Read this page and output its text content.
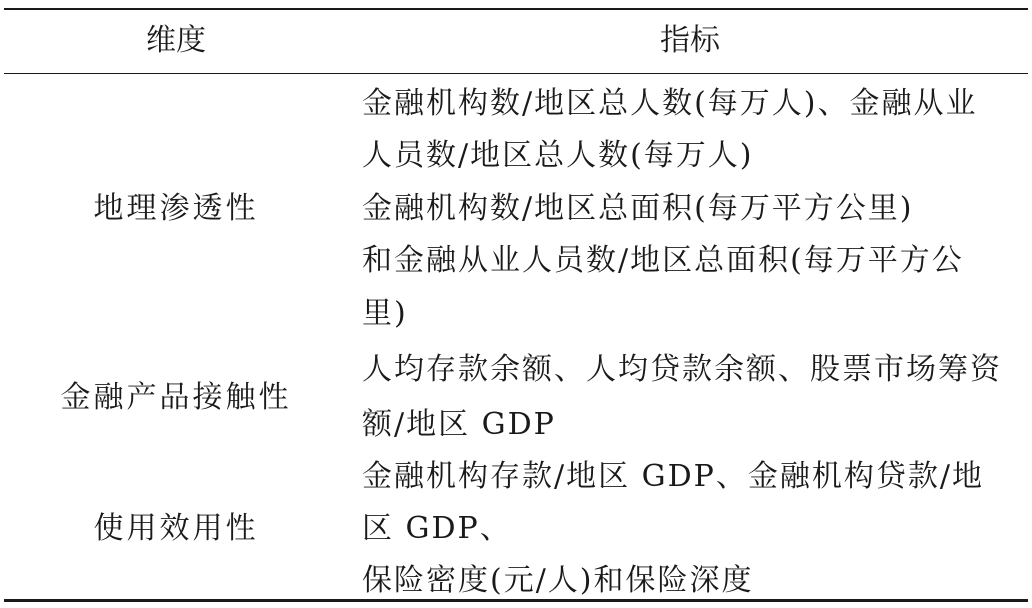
维度	指标
地理渗透性
金融机构数/地区总人数(每万人)、金融从业
人员数/地区总人数(每万人)
金融机构数/地区总面积(每万平方公里)
和金融从业人员数/地区总面积(每万平方公
里)
金融产品接触性
人均存款余额、人均贷款余额、股票市场筹资
额/地区 GDP
使用效用性
金融机构存款/地区 GDP、金融机构贷款/地
区 GDP、
保险密度(元/人)和保险深度
